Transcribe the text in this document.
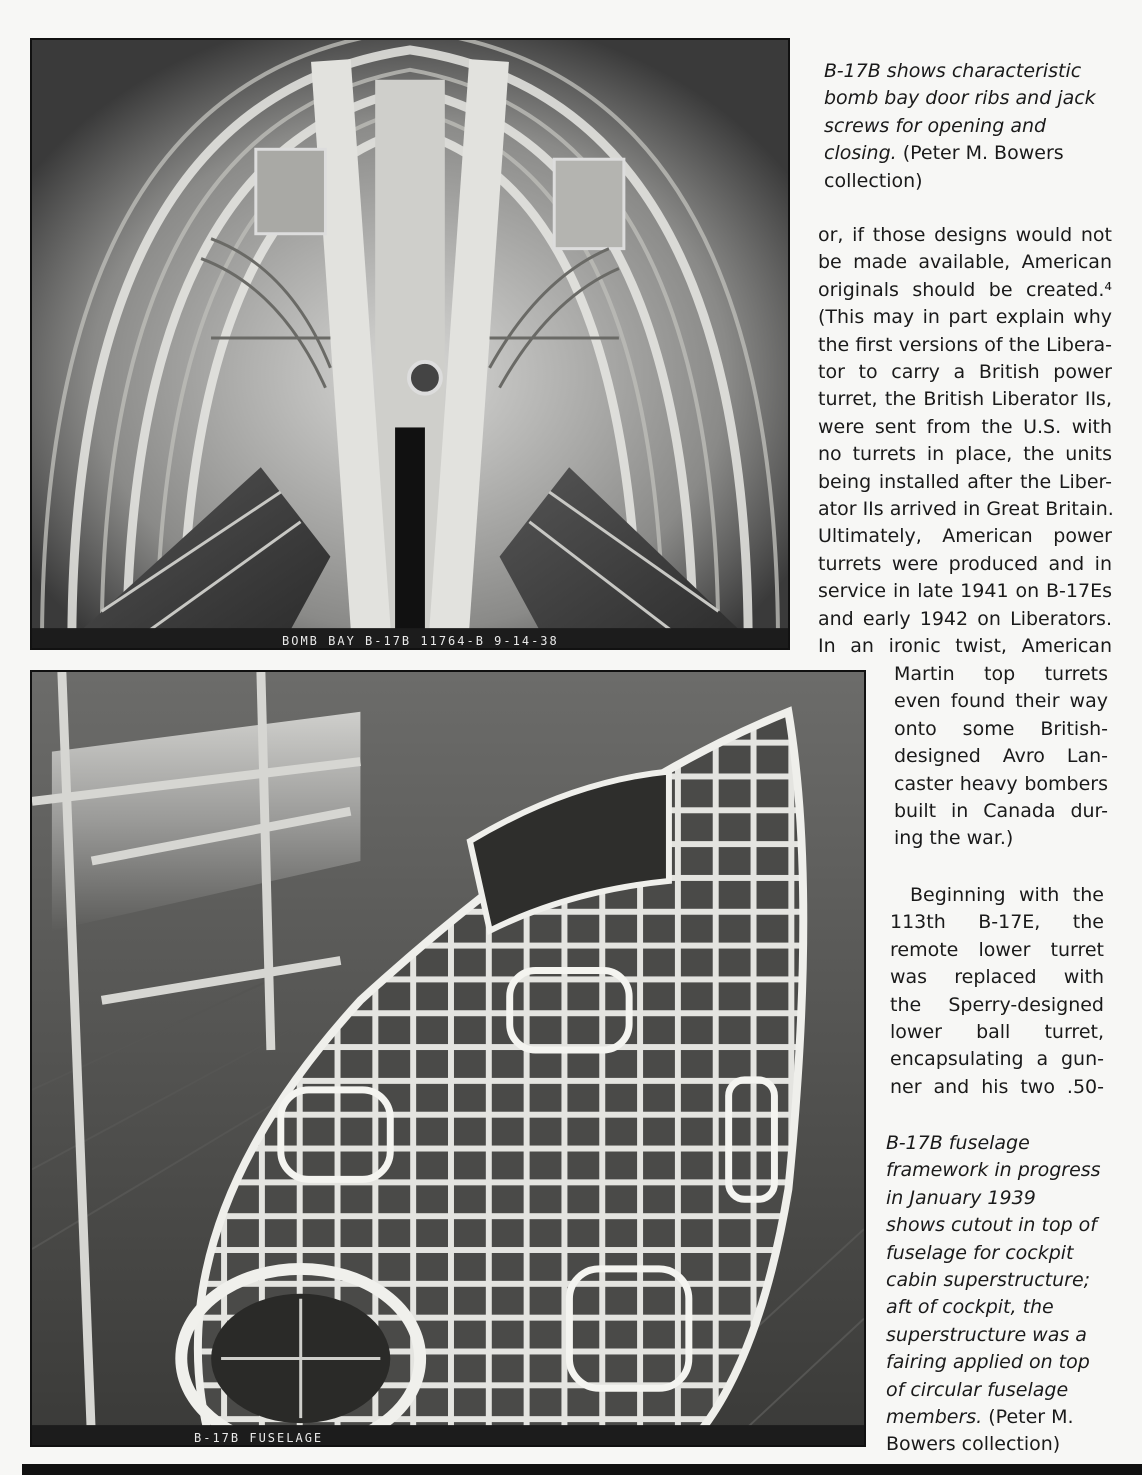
BOMB BAY B-17B 11764-B 9-14-38
B-17B shows characteristic
bomb bay door ribs and jack
screws for opening and
closing. (Peter M. Bowers
collection)
or, if those designs would not
be made available, American
originals should be created.⁴
(This may in part explain why
the first versions of the Libera-
tor to carry a British power
turret, the British Liberator IIs,
were sent from the U.S. with
no turrets in place, the units
being installed after the Liber-
ator IIs arrived in Great Britain.
Ultimately, American power
turrets were produced and in
service in late 1941 on B-17Es
and early 1942 on Liberators.
In an ironic twist, American
Martin top turrets
even found their way
onto some British-
designed Avro Lan-
caster heavy bombers
built in Canada dur-
ing the war.)
Beginning with the
113th B-17E, the
remote lower turret
was replaced with
the Sperry-designed
lower ball turret,
encapsulating a gun-
ner and his two .50-
B-17B FUSELAGE
B-17B fuselage
framework in progress
in January 1939
shows cutout in top of
fuselage for cockpit
cabin superstructure;
aft of cockpit, the
superstructure was a
fairing applied on top
of circular fuselage
members. (Peter M.
Bowers collection)
